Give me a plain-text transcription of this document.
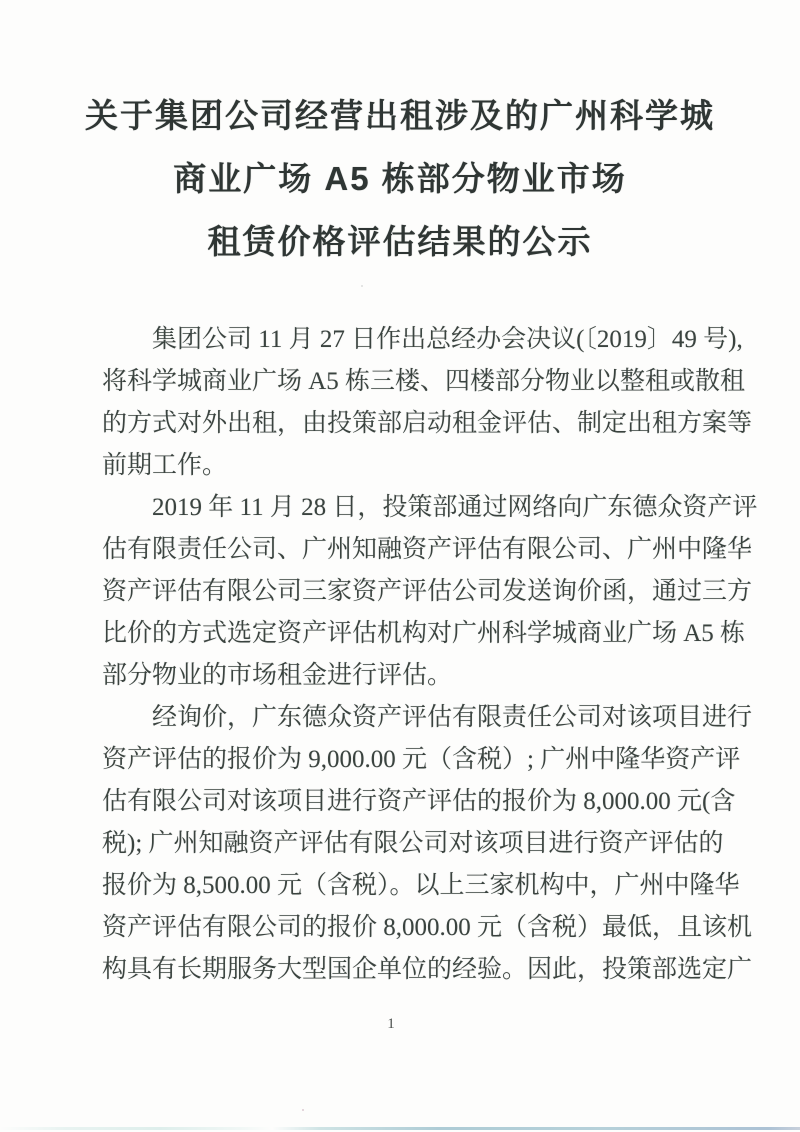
关于集团公司经营出租涉及的广州科学城
商业广场 A5 栋部分物业市场
租赁价格评估结果的公示

集团公司 11 月 27 日作出总经办会决议(〔2019〕49 号),
将科学城商业广场 A5 栋三楼、四楼部分物业以整租或散租
的方式对外出租，由投策部启动租金评估、制定出租方案等
前期工作。

2019 年 11 月 28 日，投策部通过网络向广东德众资产评
估有限责任公司、广州知融资产评估有限公司、广州中隆华
资产评估有限公司三家资产评估公司发送询价函，通过三方
比价的方式选定资产评估机构对广州科学城商业广场 A5 栋
部分物业的市场租金进行评估。

经询价，广东德众资产评估有限责任公司对该项目进行
资产评估的报价为 9,000.00 元（含税）; 广州中隆华资产评
估有限公司对该项目进行资产评估的报价为 8,000.00 元(含
税); 广州知融资产评估有限公司对该项目进行资产评估的
报价为 8,500.00 元（含税）。以上三家机构中，广州中隆华
资产评估有限公司的报价 8,000.00 元（含税）最低，且该机
构具有长期服务大型国企单位的经验。因此，投策部选定广

1
